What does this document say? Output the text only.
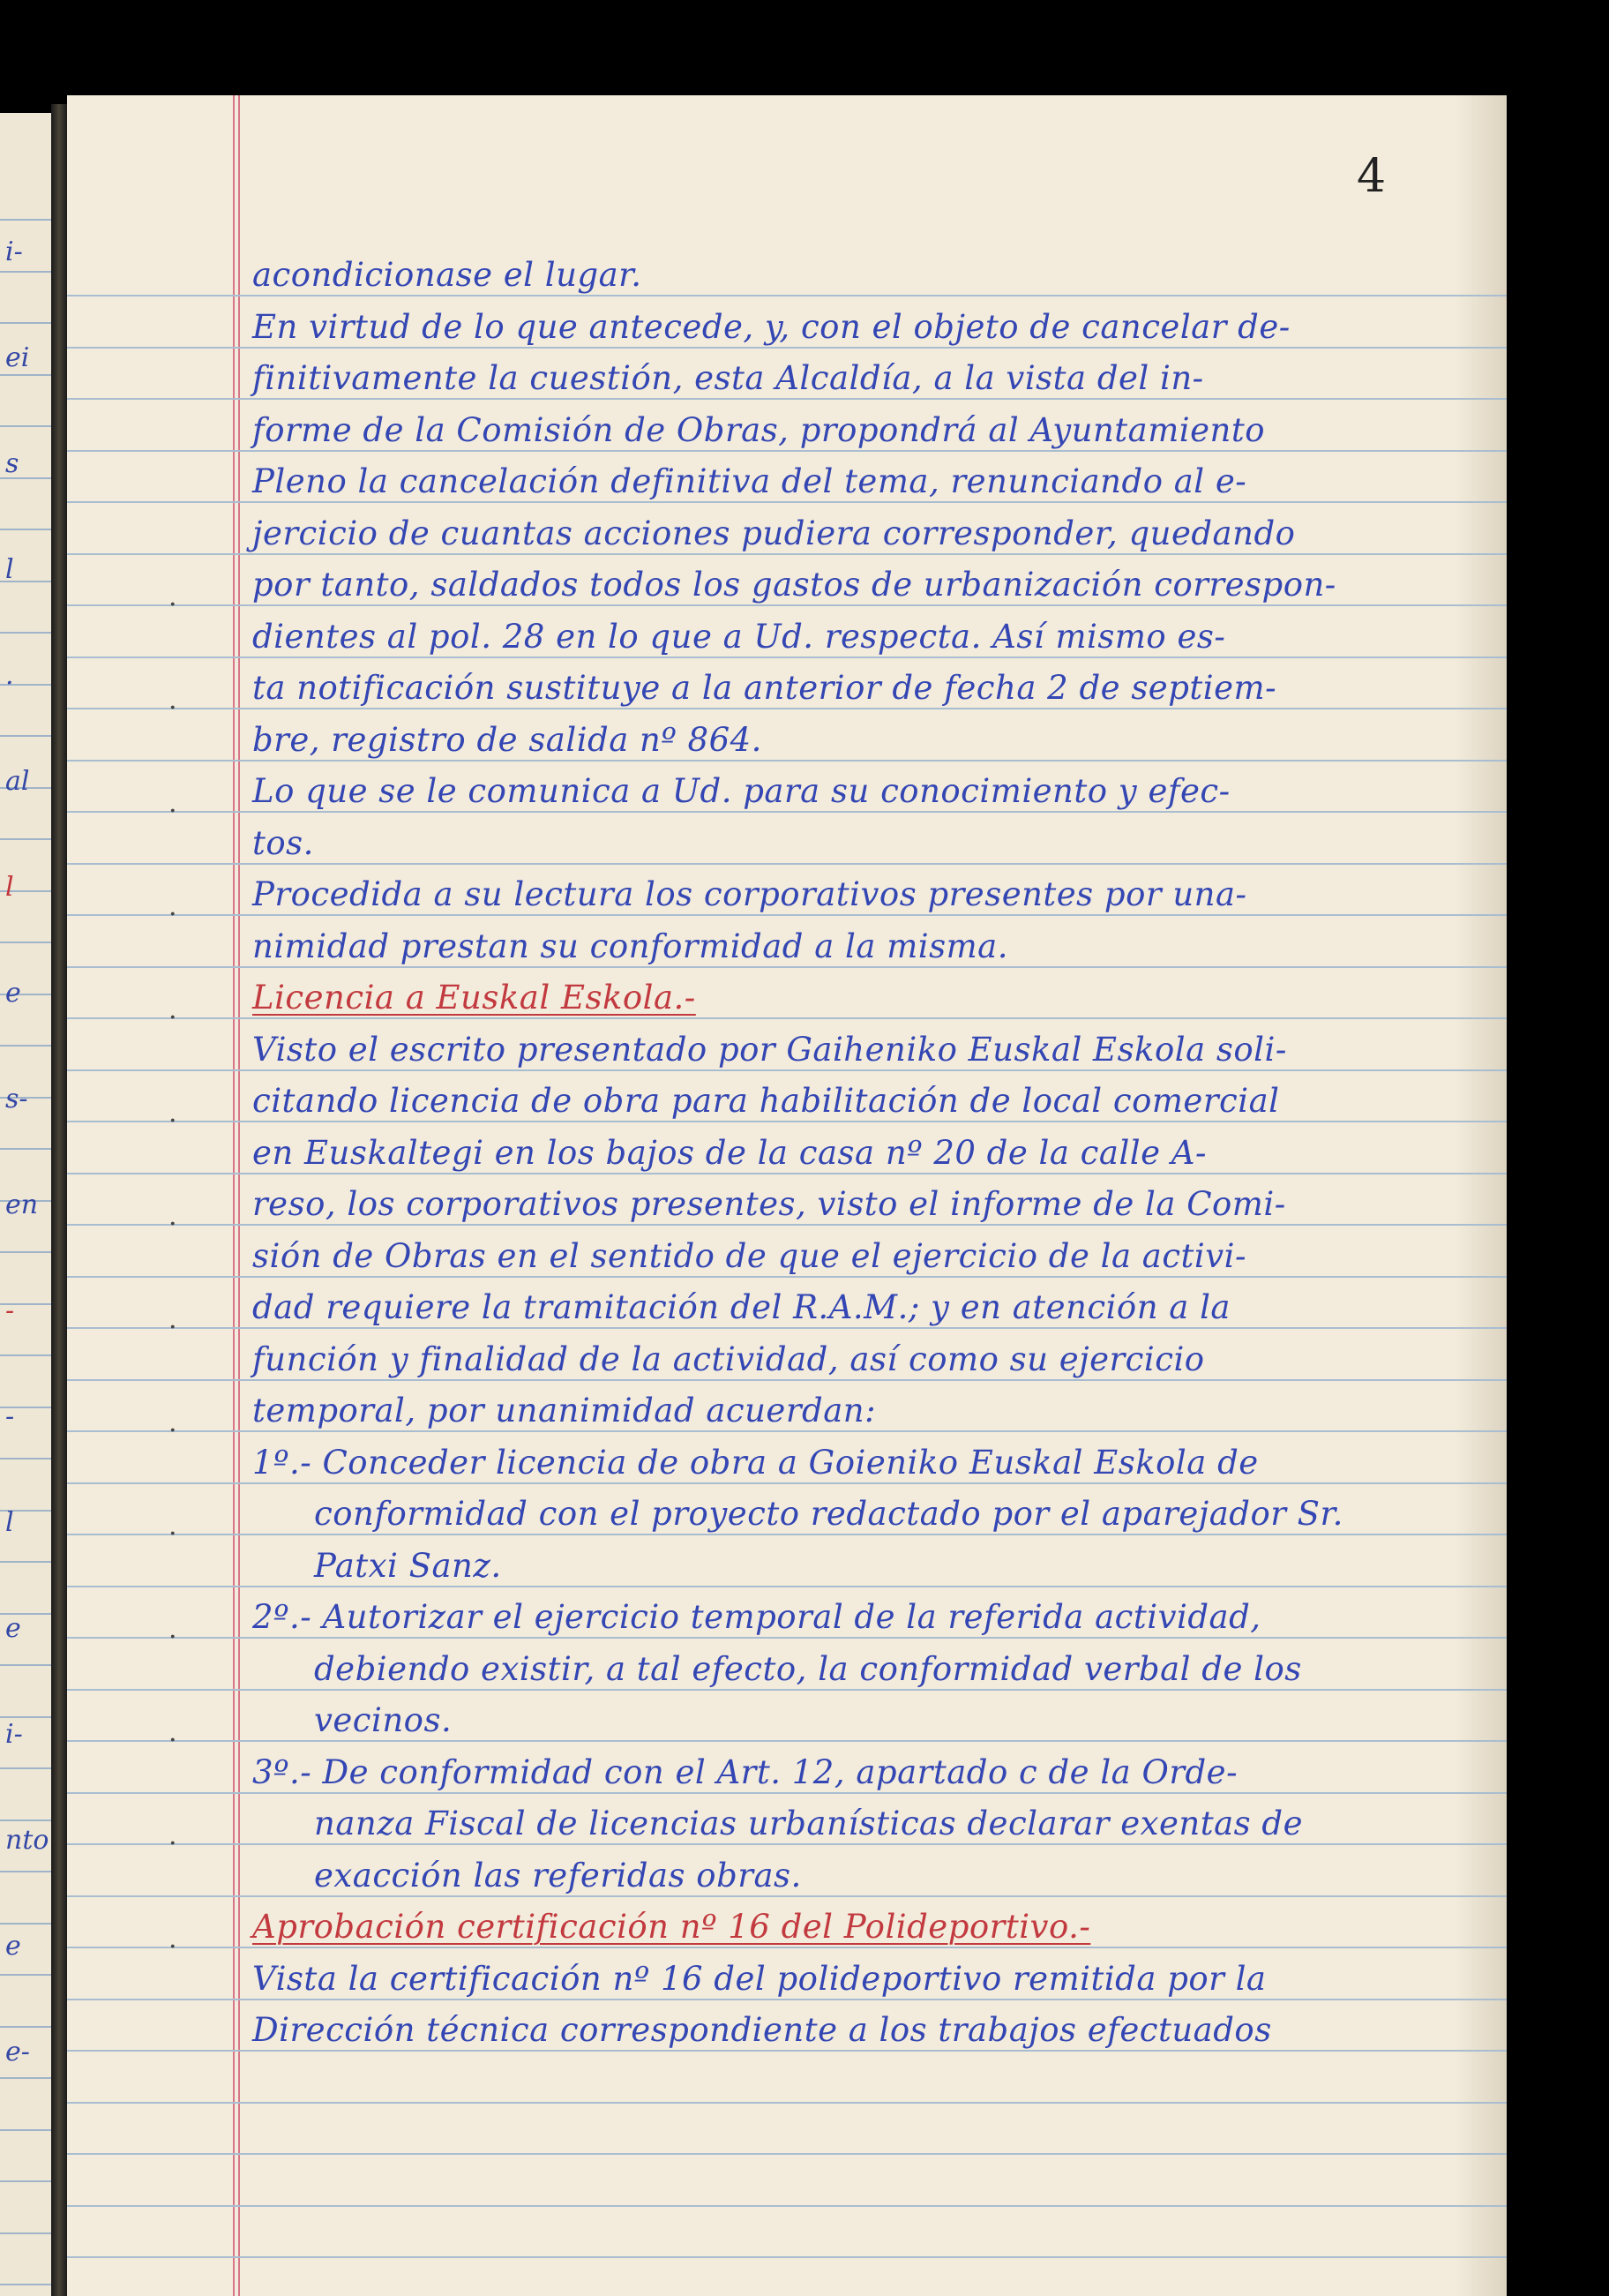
i-
ei
s
l
.
al
l
e
s-
en
-
-
l
e
i-
nto
e
e-
4
acondicionase el lugar.
En virtud de lo que antecede, y, con el objeto de cancelar de-
finitivamente la cuestión, esta Alcaldía, a la vista del in-
forme de la Comisión de Obras, propondrá al Ayuntamiento
Pleno la cancelación definitiva del tema, renunciando al e-
jercicio de cuantas acciones pudiera corresponder, quedando
por tanto, saldados todos los gastos de urbanización correspon-
.
dientes al pol. 28 en lo que a Ud. respecta. Así mismo es-
ta notificación sustituye a la anterior de fecha 2 de septiem-
.
bre, registro de salida nº 864.
Lo que se le comunica a Ud. para su conocimiento y efec-
.
tos.
Procedida a su lectura los corporativos presentes por una-
.
nimidad prestan su conformidad a la misma.
Licencia a Euskal Eskola.-
.
Visto el escrito presentado por Gaiheniko Euskal Eskola soli-
citando licencia de obra para habilitación de local comercial
.
en Euskaltegi en los bajos de la casa nº 20 de la calle A-
reso, los corporativos presentes, visto el informe de la Comi-
.
sión de Obras en el sentido de que el ejercicio de la activi-
dad requiere la tramitación del R.A.M.; y en atención a la
.
función y finalidad de la actividad, así como su ejercicio
temporal, por unanimidad acuerdan:
.
1º.- Conceder licencia de obra a Goieniko Euskal Eskola de
conformidad con el proyecto redactado por el aparejador Sr.
.
Patxi Sanz.
2º.- Autorizar el ejercicio temporal de la referida actividad,
.
debiendo existir, a tal efecto, la conformidad verbal de los
vecinos.
.
3º.- De conformidad con el Art. 12, apartado c de la Orde-
nanza Fiscal de licencias urbanísticas declarar exentas de
.
exacción las referidas obras.
Aprobación certificación nº 16 del Polideportivo.-
.
Vista la certificación nº 16 del polideportivo remitida por la
Dirección técnica correspondiente a los trabajos efectuados
